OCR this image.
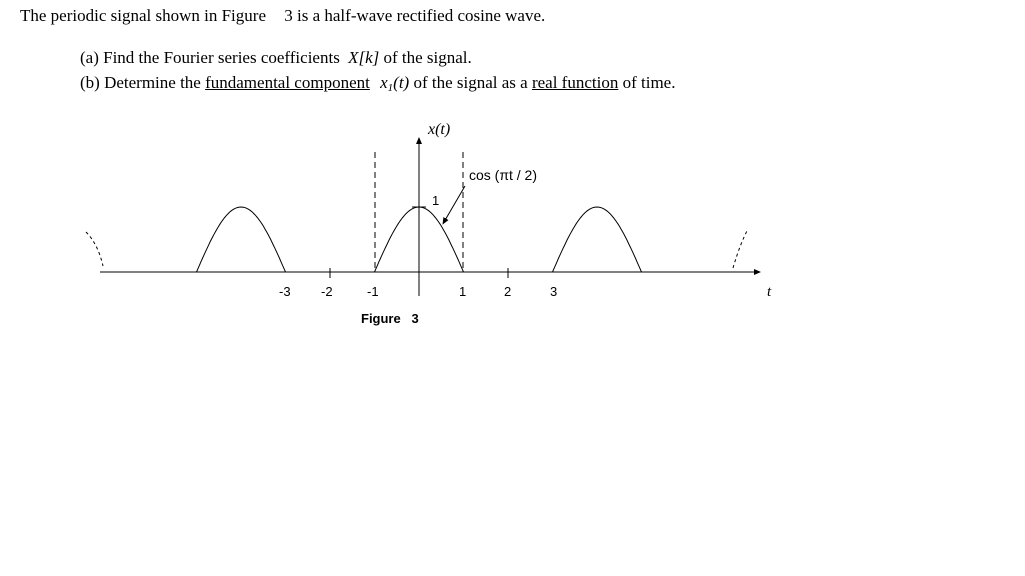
The periodic signal shown in Figure 3 is a half-wave rectified cosine wave.
(a) Find the Fourier series coefficients X[k] of the signal.
(b) Determine the fundamental component $x_1(t)$ of the signal as a real function of time.
x(t)
1
cos (πt / 2)
t
-3 -2	-1	1	2	3
Figure   3
